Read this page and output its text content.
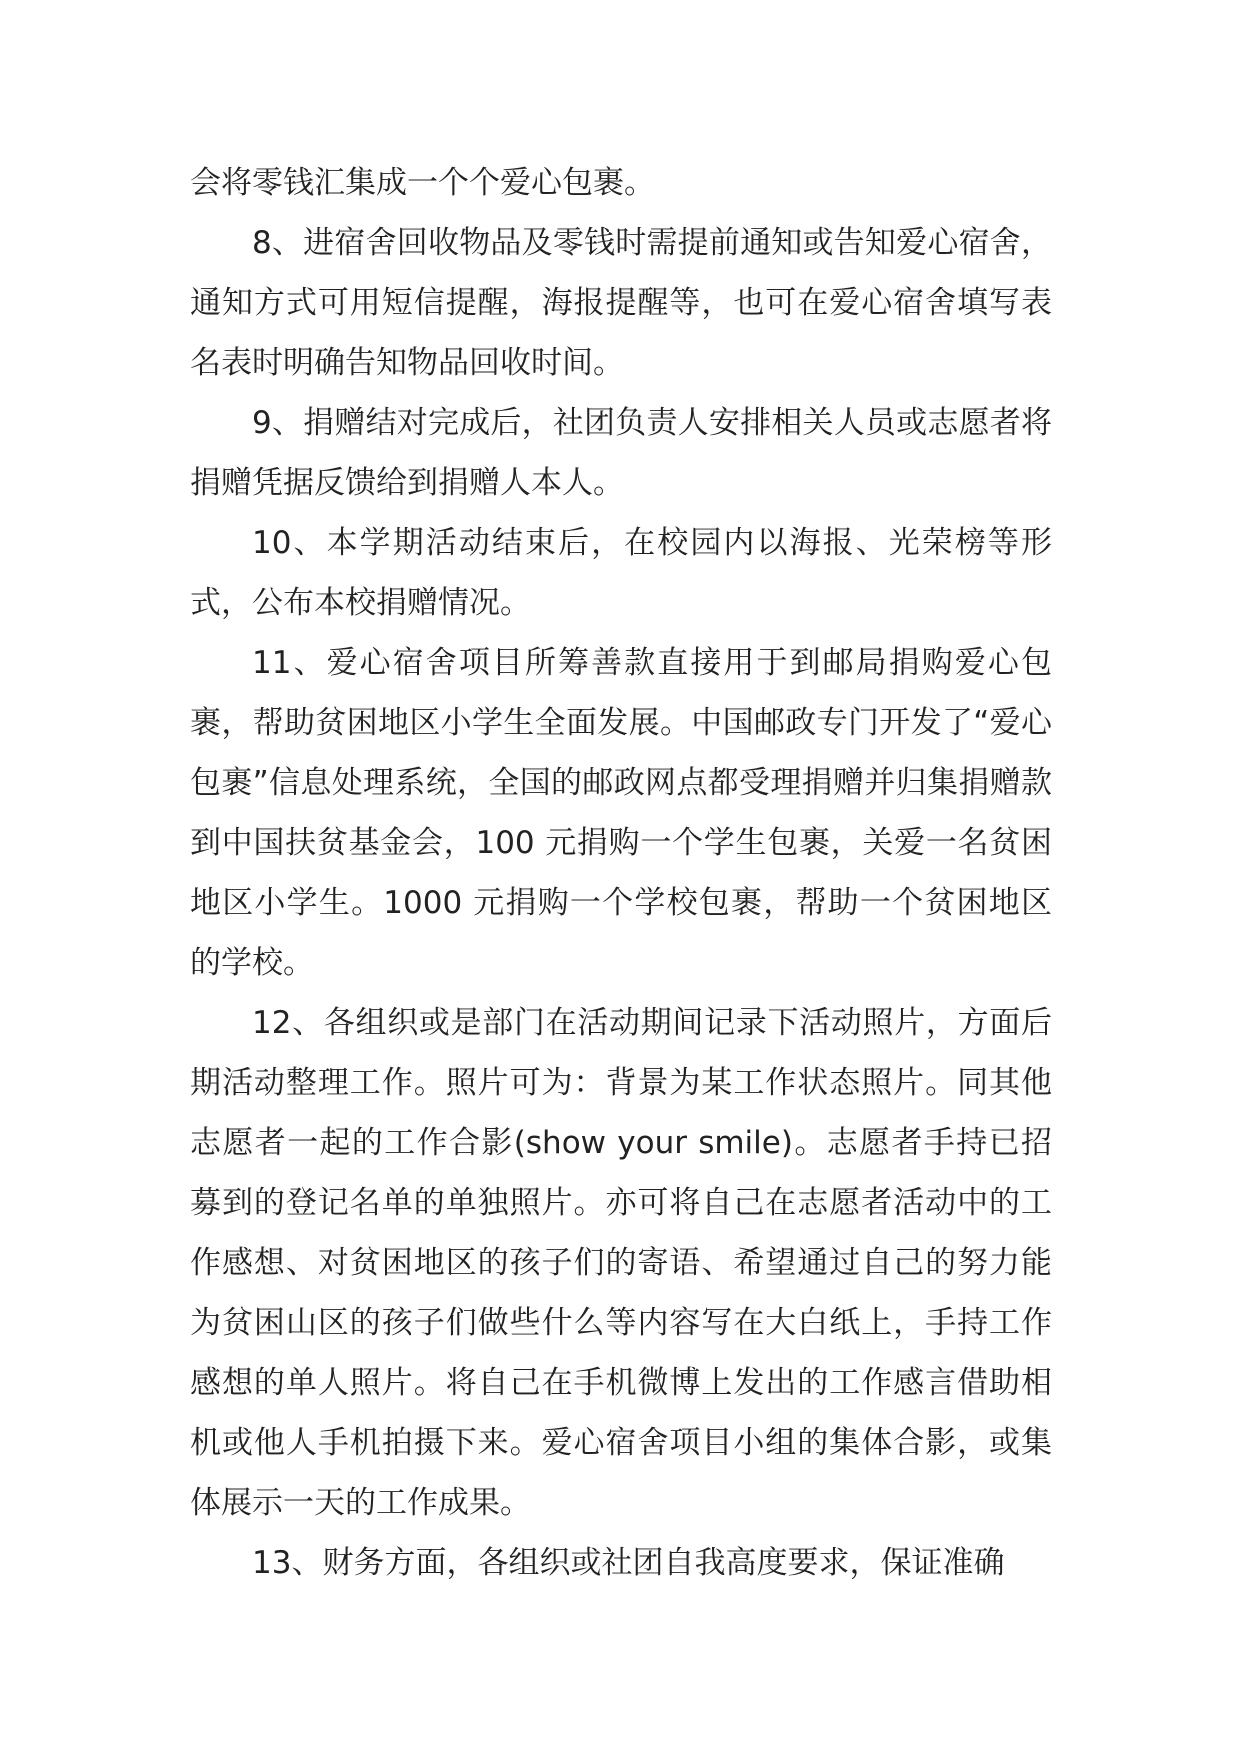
会将零钱汇集成一个个爱心包裹。

8、进宿舍回收物品及零钱时需提前通知或告知爱心宿舍，通知方式可用短信提醒，海报提醒等，也可在爱心宿舍填写表名表时明确告知物品回收时间。

9、捐赠结对完成后，社团负责人安排相关人员或志愿者将捐赠凭据反馈给到捐赠人本人。

10、本学期活动结束后，在校园内以海报、光荣榜等形式，公布本校捐赠情况。

11、爱心宿舍项目所筹善款直接用于到邮局捐购爱心包裹，帮助贫困地区小学生全面发展。中国邮政专门开发了“爱心包裹”信息处理系统，全国的邮政网点都受理捐赠并归集捐赠款到中国扶贫基金会，100 元捐购一个学生包裹，关爱一名贫困地区小学生。1000 元捐购一个学校包裹，帮助一个贫困地区的学校。

12、各组织或是部门在活动期间记录下活动照片，方面后期活动整理工作。照片可为：背景为某工作状态照片。同其他志愿者一起的工作合影(show your smile)。志愿者手持已招募到的登记名单的单独照片。亦可将自己在志愿者活动中的工作感想、对贫困地区的孩子们的寄语、希望通过自己的努力能为贫困山区的孩子们做些什么等内容写在大白纸上，手持工作感想的单人照片。将自己在手机微博上发出的工作感言借助相机或他人手机拍摄下来。爱心宿舍项目小组的集体合影，或集体展示一天的工作成果。

13、财务方面，各组织或社团自我高度要求，保证准确
